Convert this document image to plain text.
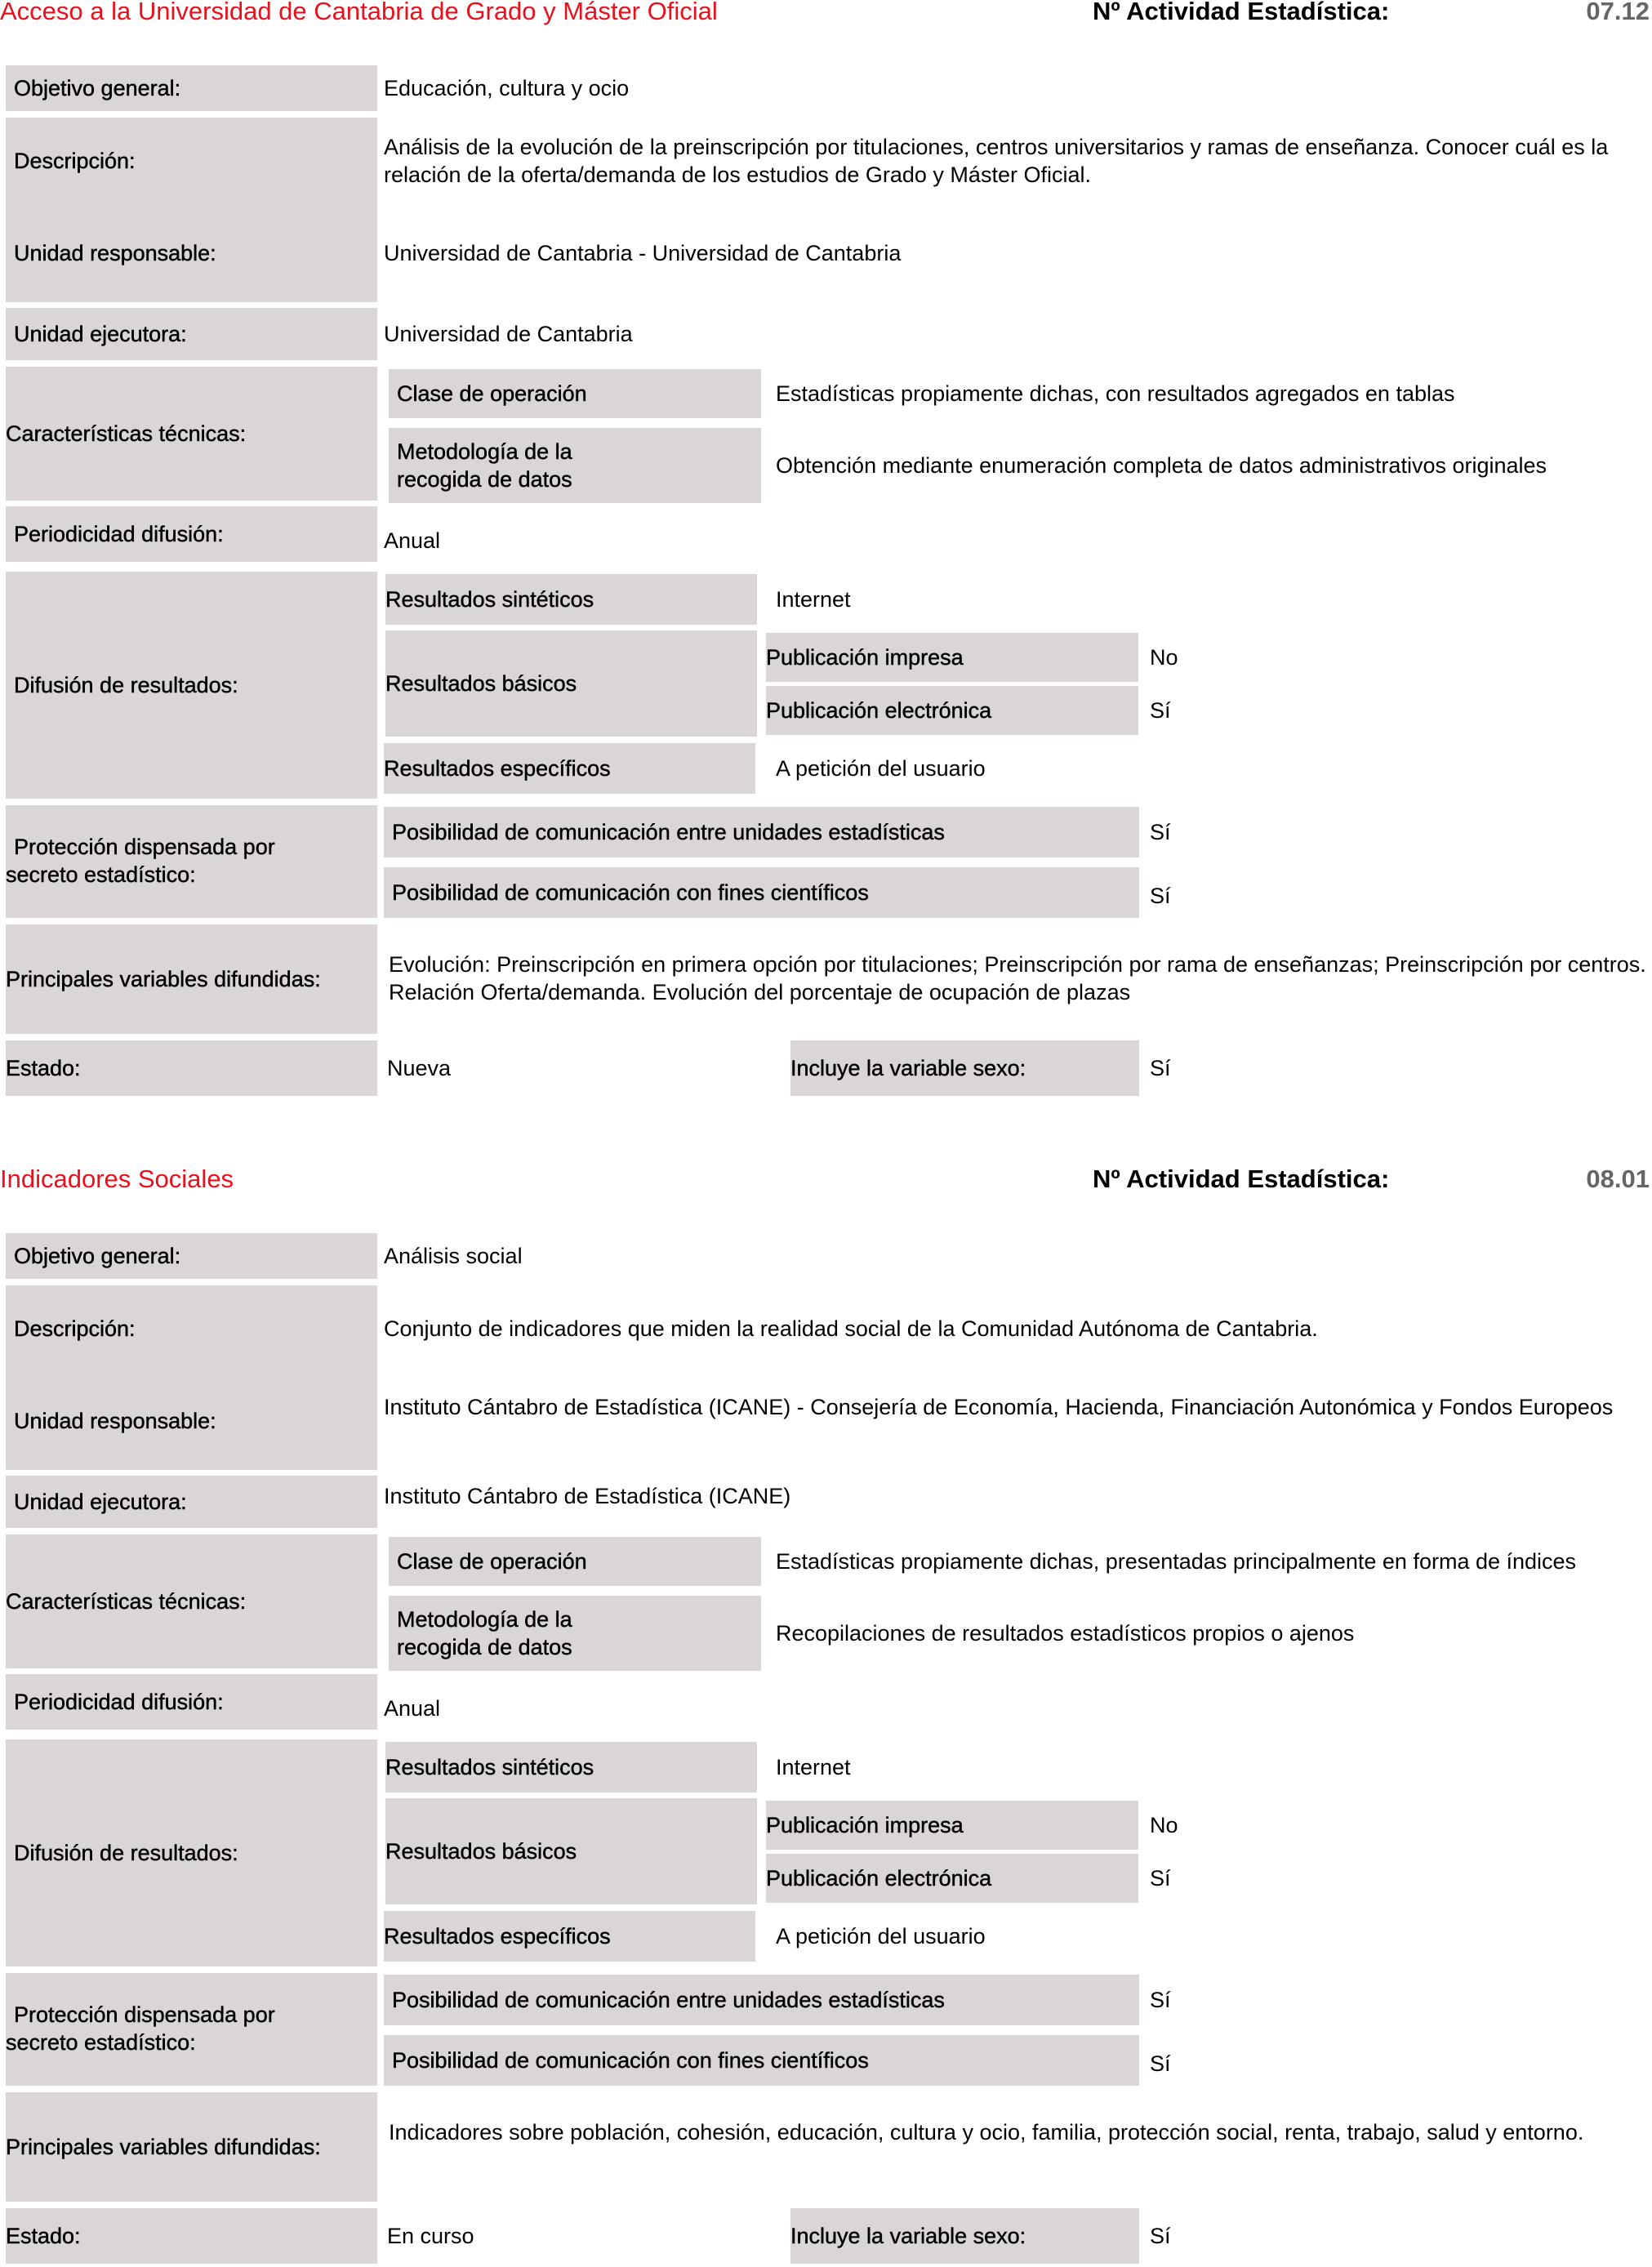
Acceso a la Universidad de Cantabria de Grado y Máster Oficial	Nº Actividad Estadística:	07.12
Objetivo general:	Educación, cultura y ocio
Descripción:
Análisis de la evolución de la preinscripción por titulaciones, centros universitarios y ramas de enseñanza. Conocer cuál es la relación de la oferta/demanda de los estudios de Grado y Máster Oficial.
Unidad responsable:	Universidad de Cantabria - Universidad de Cantabria
Unidad ejecutora:	Universidad de Cantabria
Características técnicas:
Clase de operación	Estadísticas propiamente dichas, con resultados agregados en tablas
Metodología de la
recogida de datos
Obtención mediante enumeración completa de datos administrativos originales
Periodicidad difusión:	Anual
Difusión de resultados:
Resultados sintéticos	Internet
Resultados básicos
Publicación impresa	No
Publicación electrónica	Sí
Resultados específicos	A petición del usuario
Protección dispensada por
secreto estadístico:
Posibilidad de comunicación entre unidades estadísticas	Sí
Posibilidad de comunicación con fines científicos	Sí
Principales variables difundidas:
Evolución: Preinscripción en primera opción por titulaciones; Preinscripción por rama de enseñanzas; Preinscripción por centros. Relación Oferta/demanda. Evolución del porcentaje de ocupación de plazas
Estado:	Nueva	Incluye la variable sexo:	Sí
Indicadores Sociales	Nº Actividad Estadística:	08.01
Objetivo general:	Análisis social
Descripción:	Conjunto de indicadores que miden la realidad social de la Comunidad Autónoma de Cantabria.
Unidad responsable:
Instituto Cántabro de Estadística (ICANE) - Consejería de Economía, Hacienda, Financiación Autonómica y Fondos Europeos
Unidad ejecutora:	Instituto Cántabro de Estadística (ICANE)
Características técnicas:
Clase de operación	Estadísticas propiamente dichas, presentadas principalmente en forma de índices
Metodología de la
recogida de datos
Recopilaciones de resultados estadísticos propios o ajenos
Periodicidad difusión:	Anual
Difusión de resultados:
Resultados sintéticos	Internet
Resultados básicos
Publicación impresa	No
Publicación electrónica	Sí
Resultados específicos	A petición del usuario
Protección dispensada por
secreto estadístico:
Posibilidad de comunicación entre unidades estadísticas	Sí
Posibilidad de comunicación con fines científicos	Sí
Principales variables difundidas:
Indicadores sobre población, cohesión, educación, cultura y ocio, familia, protección social, renta, trabajo, salud y entorno.
Estado:	En curso	Incluye la variable sexo:	Sí
